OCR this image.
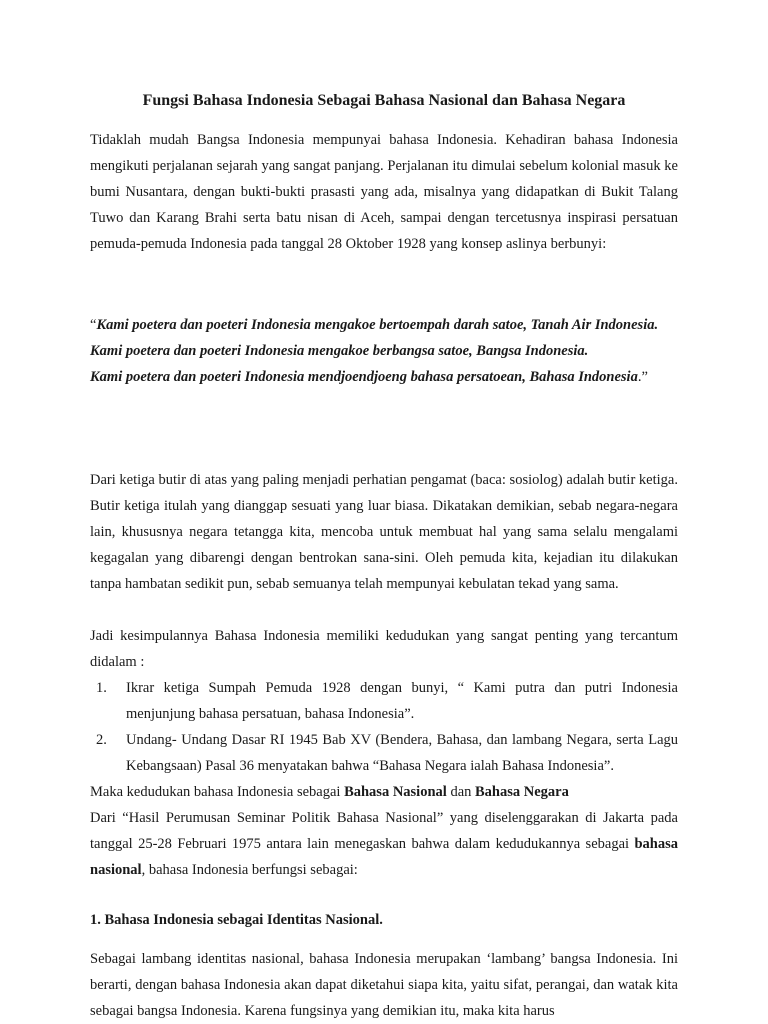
Fungsi Bahasa Indonesia Sebagai Bahasa Nasional dan Bahasa Negara

Tidaklah mudah Bangsa Indonesia mempunyai bahasa Indonesia. Kehadiran bahasa Indonesia mengikuti perjalanan sejarah yang sangat panjang. Perjalanan itu dimulai sebelum kolonial masuk ke bumi Nusantara, dengan bukti-bukti prasasti yang ada, misalnya yang didapatkan di Bukit Talang Tuwo dan Karang Brahi serta batu nisan di Aceh, sampai dengan tercetusnya inspirasi persatuan pemuda-pemuda Indonesia pada tanggal 28 Oktober 1928 yang konsep aslinya berbunyi:

“Kami poetera dan poeteri Indonesia mengakoe bertoempah darah satoe, Tanah Air Indonesia.
Kami poetera dan poeteri Indonesia mengakoe berbangsa satoe, Bangsa Indonesia.
Kami poetera dan poeteri Indonesia mendjoendjoeng bahasa persatoean, Bahasa Indonesia.”

Dari ketiga butir di atas yang paling menjadi perhatian pengamat (baca: sosiolog) adalah butir ketiga. Butir ketiga itulah yang dianggap sesuati yang luar biasa. Dikatakan demikian, sebab negara-negara lain, khususnya negara tetangga kita, mencoba untuk membuat hal yang sama selalu mengalami kegagalan yang dibarengi dengan bentrokan sana-sini. Oleh pemuda kita, kejadian itu dilakukan tanpa hambatan sedikit pun, sebab semuanya telah mempunyai kebulatan tekad yang sama.

Jadi kesimpulannya Bahasa Indonesia memiliki kedudukan yang sangat penting yang tercantum didalam :

1. Ikrar ketiga Sumpah Pemuda 1928 dengan bunyi, “ Kami putra dan putri Indonesia menjunjung bahasa persatuan, bahasa Indonesia”.
2. Undang- Undang Dasar RI 1945 Bab XV (Bendera, Bahasa, dan lambang Negara, serta Lagu Kebangsaan) Pasal 36 menyatakan bahwa “Bahasa Negara ialah Bahasa Indonesia”.

Maka kedudukan bahasa Indonesia sebagai Bahasa Nasional dan Bahasa Negara

Dari “Hasil Perumusan Seminar Politik Bahasa Nasional” yang diselenggarakan di Jakarta pada tanggal 25-28 Februari 1975 antara lain menegaskan bahwa dalam kedudukannya sebagai bahasa nasional, bahasa Indonesia berfungsi sebagai:

1. Bahasa Indonesia sebagai Identitas Nasional.

Sebagai lambang identitas nasional, bahasa Indonesia merupakan ‘lambang’ bangsa Indonesia. Ini berarti, dengan bahasa Indonesia akan dapat diketahui siapa kita, yaitu sifat, perangai, dan watak kita sebagai bangsa Indonesia. Karena fungsinya yang demikian itu, maka kita harus
